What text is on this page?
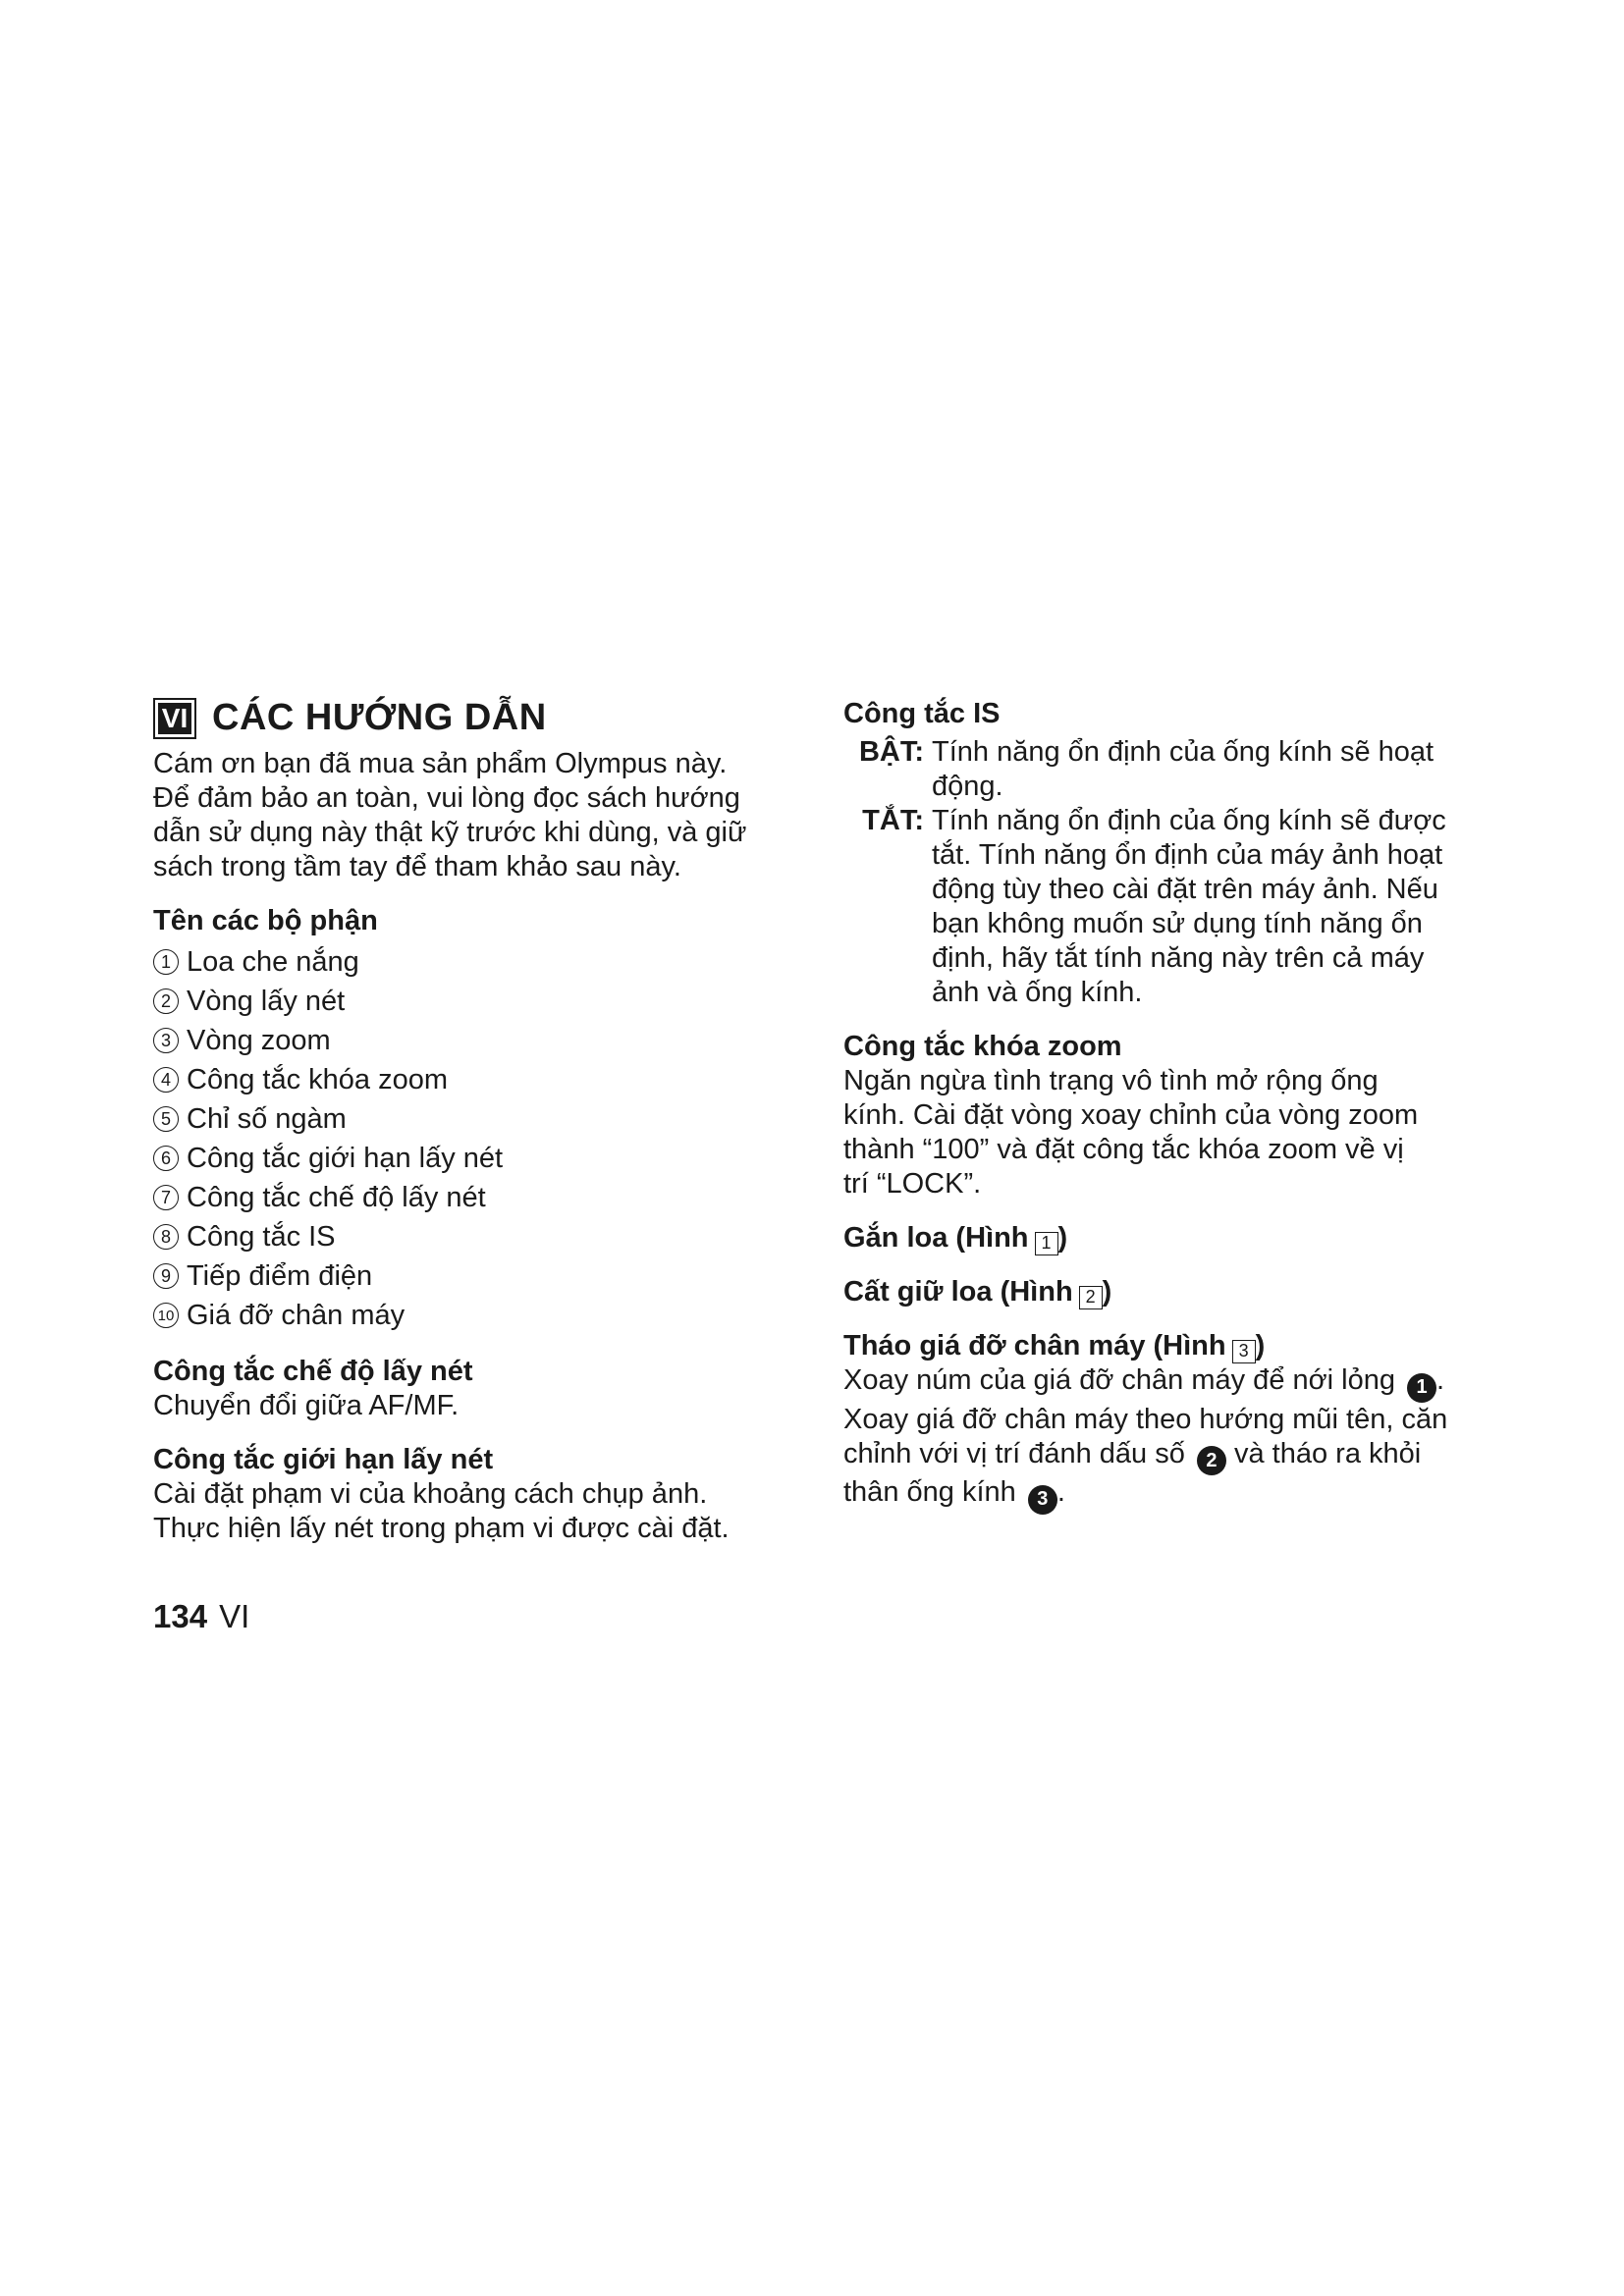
VI CÁC HƯỚNG DẪN

Cám ơn bạn đã mua sản phẩm Olympus này.

Để đảm bảo an toàn, vui lòng đọc sách hướng

dẫn sử dụng này thật kỹ trước khi dùng, và giữ

sách trong tầm tay để tham khảo sau này.

Tên các bộ phận
1 Loa che nắng
2 Vòng lấy nét
3 Vòng zoom
4 Công tắc khóa zoom
5 Chỉ số ngàm
6 Công tắc giới hạn lấy nét
7 Công tắc chế độ lấy nét
8 Công tắc IS
9 Tiếp điểm điện
10 Giá đỡ chân máy
Công tắc chế độ lấy nét

Chuyển đổi giữa AF/MF.

Công tắc giới hạn lấy nét

Cài đặt phạm vi của khoảng cách chụp ảnh.

Thực hiện lấy nét trong phạm vi được cài đặt.

Công tắc IS
BẬT: Tính năng ổn định của ống kính sẽ hoạt

động.

TẮT: Tính năng ổn định của ống kính sẽ được

tắt. Tính năng ổn định của máy ảnh hoạt

động tùy theo cài đặt trên máy ảnh. Nếu

bạn không muốn sử dụng tính năng ổn

định, hãy tắt tính năng này trên cả máy

ảnh và ống kính.

Công tắc khóa zoom

Ngăn ngừa tình trạng vô tình mở rộng ống

kính. Cài đặt vòng xoay chỉnh của vòng zoom

thành “100” và đặt công tắc khóa zoom về vị

trí “LOCK”.

Gắn loa (Hình 1 )
Cất giữ loa (Hình 2 )
Tháo giá đỡ chân máy (Hình 3 )

Xoay núm của giá đỡ chân máy để nới lỏng 1 .

Xoay giá đỡ chân máy theo hướng mũi tên, căn

chỉnh với vị trí đánh dấu số 2 và tháo ra khỏi

thân ống kính 3 .

134 VI
